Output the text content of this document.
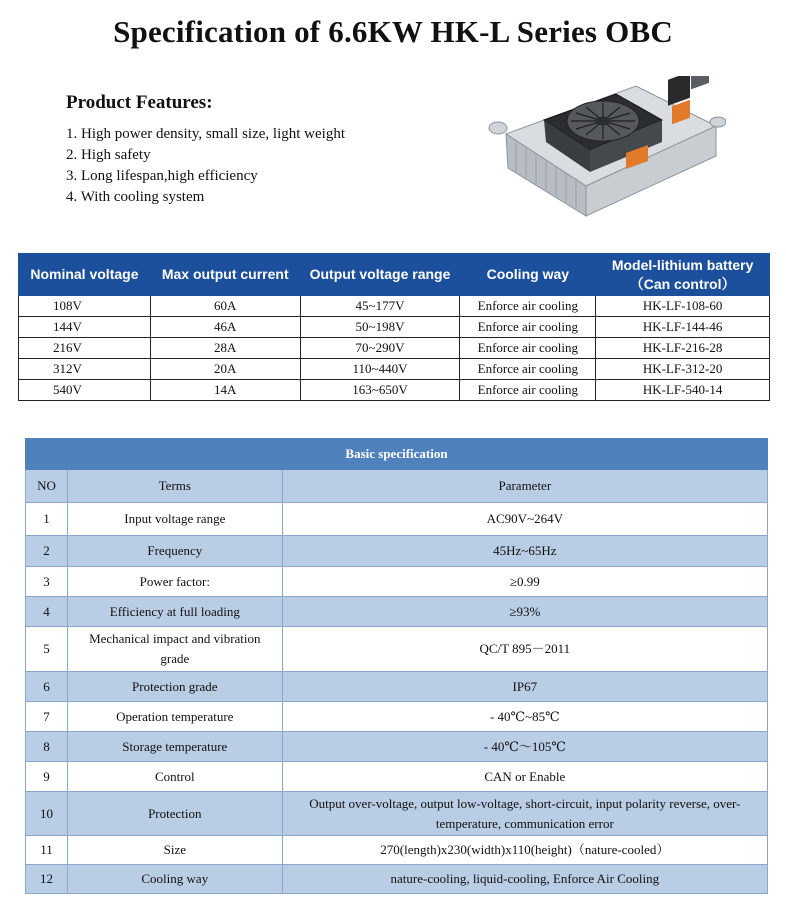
Specification of 6.6KW HK-L Series OBC
Product Features:
1. High power density, small size, light weight
2. High safety
3. Long lifespan,high efficiency
4. With cooling system
Nominal voltage	Max output current	Output voltage range	Cooling way	Model-lithium battery
（Can control）
108V	60A	45~177V	Enforce air cooling	HK-LF-108-60
144V	46A	50~198V	Enforce air cooling	HK-LF-144-46
216V	28A	70~290V	Enforce air cooling	HK-LF-216-28
312V	20A	110~440V	Enforce air cooling	HK-LF-312-20
540V	14A	163~650V	Enforce air cooling	HK-LF-540-14
Basic specification		
NO	Terms	Parameter
1	Input voltage range	AC90V~264V
2	Frequency	45Hz~65Hz
3	Power factor:	≥0.99
4	Efficiency at full loading	≥93%
5	Mechanical impact and vibration grade	QC/T 895－2011
6	Protection grade	IP67
7	Operation temperature	- 40℃~85℃
8	Storage temperature	- 40℃～105℃
9	Control	CAN or Enable
10	Protection	Output over-voltage, output low-voltage, short-circuit, input polarity reverse, over-temperature, communication error
11	Size	270(length)x230(width)x110(height)（nature-cooled）
12	Cooling way	nature-cooling, liquid-cooling, Enforce Air Cooling
